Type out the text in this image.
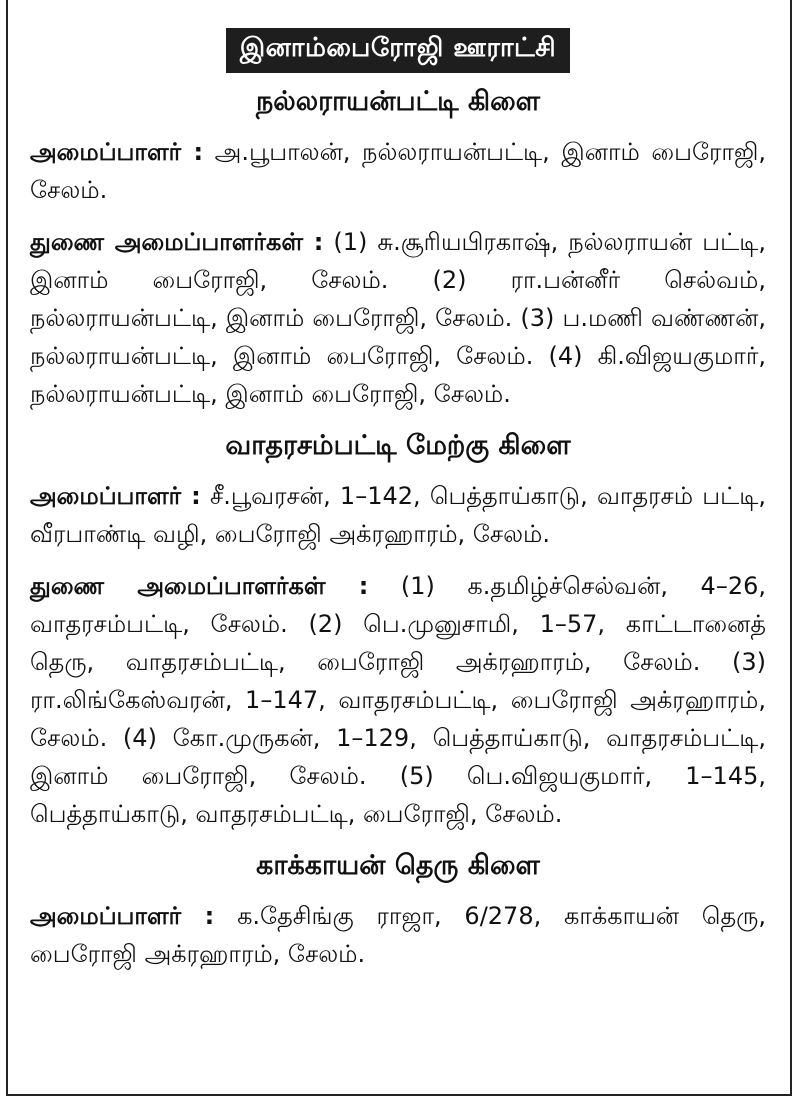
இனாம்பைரோஜி ஊராட்சி
நல்லராயன்பட்டி கிளை

அமைப்பாளர் : அ.பூபாலன், நல்லராயன்பட்டி, இனாம் பைரோஜி, சேலம்.

துணை அமைப்பாளர்கள் : (1) சு.சூரியபிரகாஷ், நல்லராயன் பட்டி, இனாம் பைரோஜி, சேலம். (2) ரா.பன்னீர் செல்வம், நல்லராயன்பட்டி, இனாம் பைரோஜி, சேலம். (3) ப.மணி வண்ணன், நல்லராயன்பட்டி, இனாம் பைரோஜி, சேலம். (4) கி.விஜயகுமார், நல்லராயன்பட்டி, இனாம் பைரோஜி, சேலம்.

வாதரசம்பட்டி மேற்கு கிளை

அமைப்பாளர் : சீ.பூவரசன், 1–142, பெத்தாய்காடு, வாதரசம் பட்டி, வீரபாண்டி வழி, பைரோஜி அக்ரஹாரம், சேலம்.

துணை அமைப்பாளர்கள் : (1) க.தமிழ்ச்செல்வன், 4–26, வாதரசம்பட்டி, சேலம். (2) பெ.முனுசாமி, 1–57, காட்டானைத் தெரு, வாதரசம்பட்டி, பைரோஜி அக்ரஹாரம், சேலம். (3) ரா.லிங்கேஸ்வரன், 1–147, வாதரசம்பட்டி, பைரோஜி அக்ரஹாரம், சேலம். (4) கோ.முருகன், 1–129, பெத்தாய்காடு, வாதரசம்பட்டி, இனாம் பைரோஜி, சேலம். (5) பெ.விஜயகுமார், 1–145, பெத்தாய்காடு, வாதரசம்பட்டி, பைரோஜி, சேலம்.

காக்காயன் தெரு கிளை

அமைப்பாளர் : க.தேசிங்கு ராஜா, 6/278, காக்காயன் தெரு, பைரோஜி அக்ரஹாரம், சேலம்.
